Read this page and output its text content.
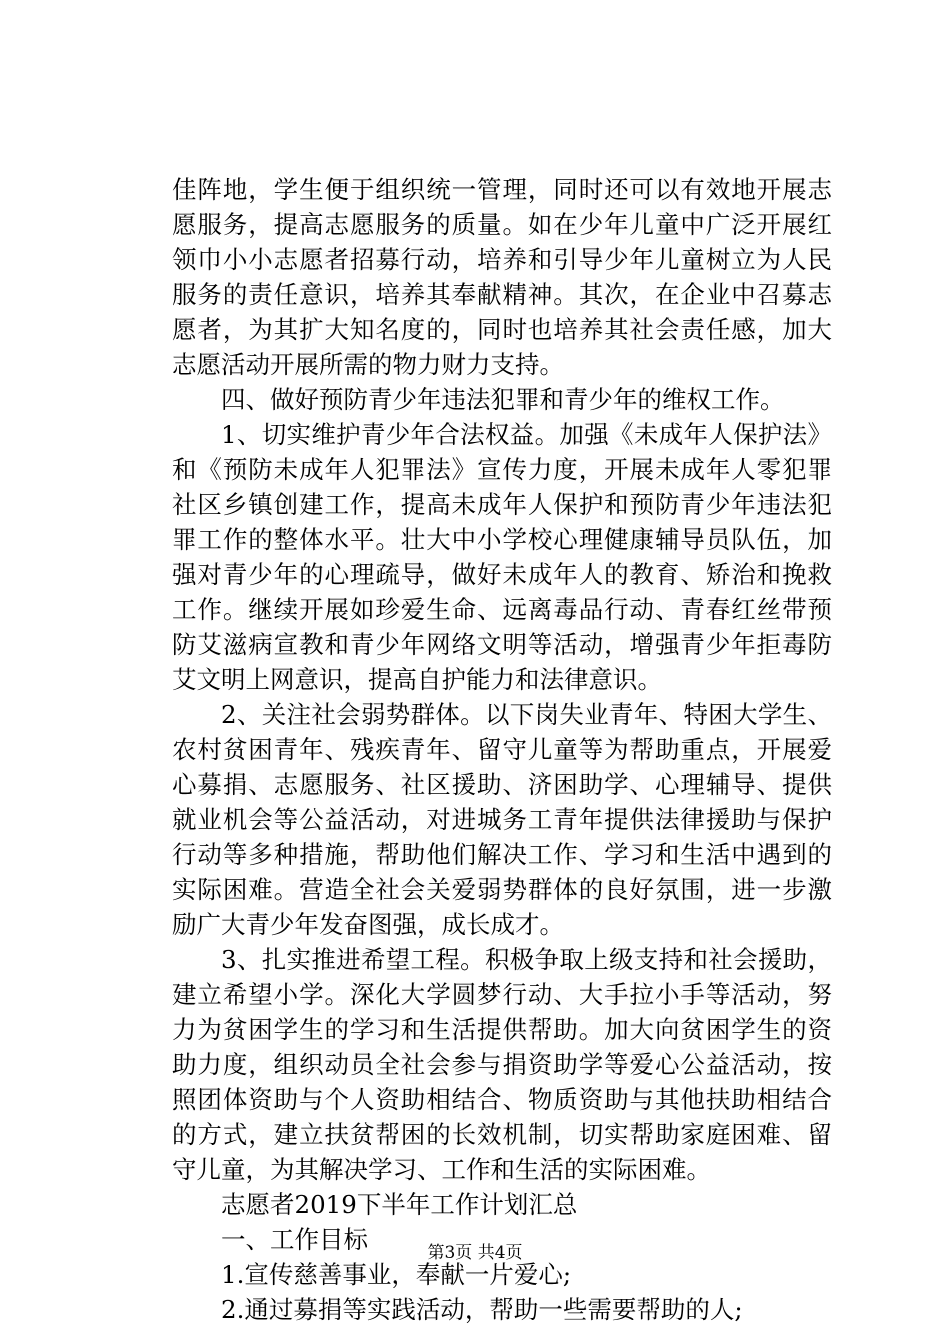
佳阵地，学生便于组织统一管理，同时还可以有效地开展志愿服务，提高志愿服务的质量。如在少年儿童中广泛开展红领巾小小志愿者招募行动，培养和引导少年儿童树立为人民服务的责任意识，培养其奉献精神。其次，在企业中召募志愿者，为其扩大知名度的，同时也培养其社会责任感，加大志愿活动开展所需的物力财力支持。

四、做好预防青少年违法犯罪和青少年的维权工作。

1、切实维护青少年合法权益。加强《未成年人保护法》和《预防未成年人犯罪法》宣传力度，开展未成年人零犯罪社区乡镇创建工作，提高未成年人保护和预防青少年违法犯罪工作的整体水平。壮大中小学校心理健康辅导员队伍，加强对青少年的心理疏导，做好未成年人的教育、矫治和挽救工作。继续开展如珍爱生命、远离毒品行动、青春红丝带预防艾滋病宣教和青少年网络文明等活动，增强青少年拒毒防艾文明上网意识，提高自护能力和法律意识。

2、关注社会弱势群体。以下岗失业青年、特困大学生、农村贫困青年、残疾青年、留守儿童等为帮助重点，开展爱心募捐、志愿服务、社区援助、济困助学、心理辅导、提供就业机会等公益活动，对进城务工青年提供法律援助与保护行动等多种措施，帮助他们解决工作、学习和生活中遇到的实际困难。营造全社会关爱弱势群体的良好氛围，进一步激励广大青少年发奋图强，成长成才。

3、扎实推进希望工程。积极争取上级支持和社会援助，建立希望小学。深化大学圆梦行动、大手拉小手等活动，努力为贫困学生的学习和生活提供帮助。加大向贫困学生的资助力度，组织动员全社会参与捐资助学等爱心公益活动，按照团体资助与个人资助相结合、物质资助与其他扶助相结合的方式，建立扶贫帮困的长效机制，切实帮助家庭困难、留守儿童，为其解决学习、工作和生活的实际困难。

志愿者2019下半年工作计划汇总

一、工作目标

1.宣传慈善事业，奉献一片爱心;

2.通过募捐等实践活动，帮助一些需要帮助的人;

第3页 共4页
